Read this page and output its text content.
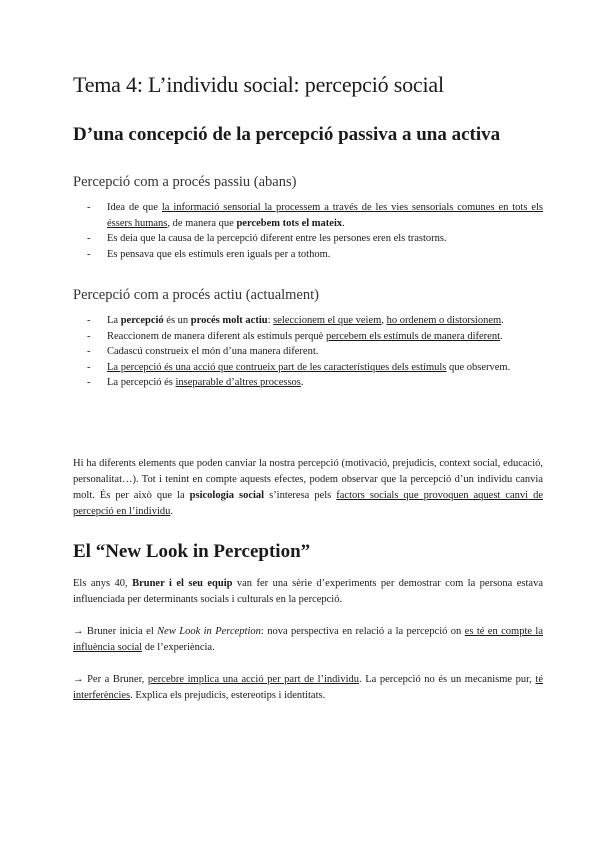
Tema 4: L’individu social: percepció social
D’una concepció de la percepció passiva a una activa
Percepció com a procés passiu (abans)
- Idea de que la informació sensorial la processem a través de les vies sensorials comunes en tots els éssers humans, de manera que percebem tots el mateix.
- Es deia que la causa de la percepció diferent entre les persones eren els trastorns.
- Es pensava que els estímuls eren iguals per a tothom.
Percepció com a procés actiu (actualment)
- La percepció és un procés molt actiu: seleccionem el que veiem, ho ordenem o distorsionem.
- Reaccionem de manera diferent als estímuls perquè percebem els estímuls de manera diferent.
- Cadascú construeix el món d’una manera diferent.
- La percepció és una acció que contrueix part de les característiques dels estímuls que observem.
- La percepció és inseparable d’altres processos.

Hi ha diferents elements que poden canviar la nostra percepció (motivació, prejudicis, context social, educació, personalitat…). Tot i tenint en compte aquests efectes, podem observar que la percepció d’un individu canvia molt. És per això que la psicologia social s’interesa pels factors socials que provoquen aquest canvi de percepció en l’individu.

El “New Look in Perception”

Els anys 40, Bruner i el seu equip van fer una sèrie d’experiments per demostrar com la persona estava influenciada per determinants socials i culturals en la percepció.

→ Bruner inicia el New Look in Perception: nova perspectiva en relació a la percepció on es té en compte la influència social de l’experiència.

→ Per a Bruner, percebre implica una acció per part de l’individu. La percepció no és un mecanisme pur, té interferències. Explica els prejudicis, estereotips i identitats.
